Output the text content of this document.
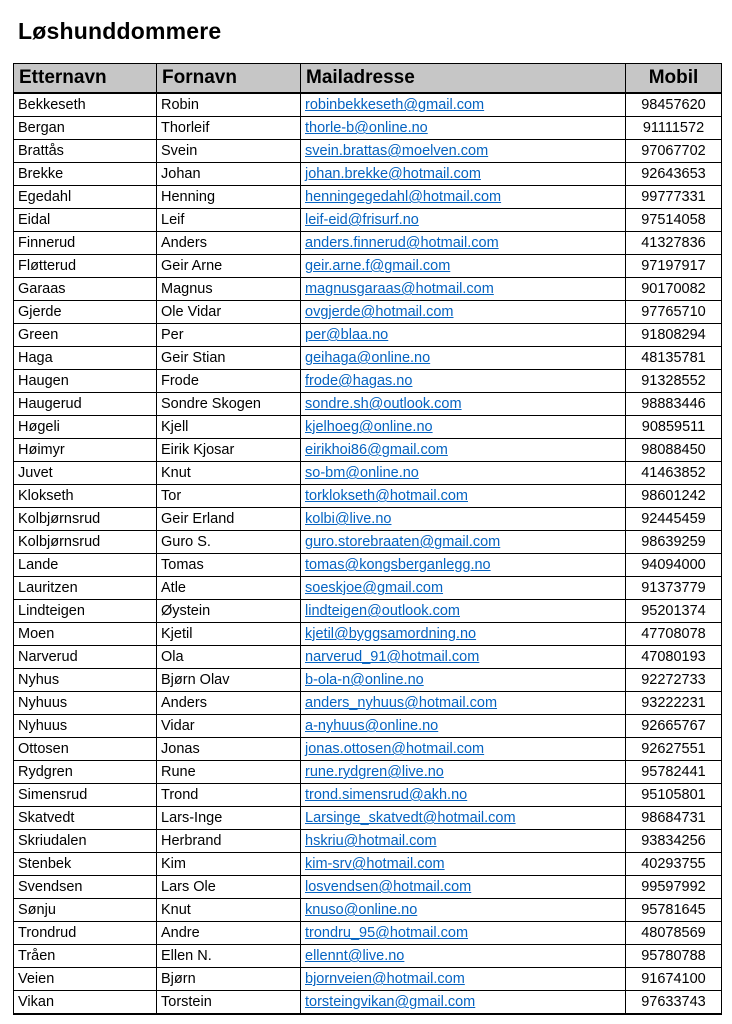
Løshunddommere
Etternavn	Fornavn	Mailadresse	Mobil
Bekkeseth	Robin	robinbekkeseth@gmail.com	98457620
Bergan	Thorleif	thorle-b@online.no	91111572
Brattås	Svein	svein.brattas@moelven.com	97067702
Brekke	Johan	johan.brekke@hotmail.com	92643653
Egedahl	Henning	henningegedahl@hotmail.com	99777331
Eidal	Leif	leif-eid@frisurf.no	97514058
Finnerud	Anders	anders.finnerud@hotmail.com	41327836
Fløtterud	Geir Arne	geir.arne.f@gmail.com	97197917
Garaas	Magnus	magnusgaraas@hotmail.com	90170082
Gjerde	Ole Vidar	ovgjerde@hotmail.com	97765710
Green	Per	per@blaa.no	91808294
Haga	Geir Stian	geihaga@online.no	48135781
Haugen	Frode	frode@hagas.no	91328552
Haugerud	Sondre Skogen	sondre.sh@outlook.com	98883446
Høgeli	Kjell	kjelhoeg@online.no	90859511
Høimyr	Eirik Kjosar	eirikhoi86@gmail.com	98088450
Juvet	Knut	so-bm@online.no	41463852
Klokseth	Tor	torklokseth@hotmail.com	98601242
Kolbjørnsrud	Geir Erland	kolbi@live.no	92445459
Kolbjørnsrud	Guro S.	guro.storebraaten@gmail.com	98639259
Lande	Tomas	tomas@kongsberganlegg.no	94094000
Lauritzen	Atle	soeskjoe@gmail.com	91373779
Lindteigen	Øystein	lindteigen@outlook.com	95201374
Moen	Kjetil	kjetil@byggsamordning.no	47708078
Narverud	Ola	narverud_91@hotmail.com	47080193
Nyhus	Bjørn Olav	b-ola-n@online.no	92272733
Nyhuus	Anders	anders_nyhuus@hotmail.com	93222231
Nyhuus	Vidar	a-nyhuus@online.no	92665767
Ottosen	Jonas	jonas.ottosen@hotmail.com	92627551
Rydgren	Rune	rune.rydgren@live.no	95782441
Simensrud	Trond	trond.simensrud@akh.no	95105801
Skatvedt	Lars-Inge	Larsinge_skatvedt@hotmail.com	98684731
Skriudalen	Herbrand	hskriu@hotmail.com	93834256
Stenbek	Kim	kim-srv@hotmail.com	40293755
Svendsen	Lars Ole	losvendsen@hotmail.com	99597992
Sønju	Knut	knuso@online.no	95781645
Trondrud	Andre	trondru_95@hotmail.com	48078569
Tråen	Ellen N.	ellennt@live.no	95780788
Veien	Bjørn	bjornveien@hotmail.com	91674100
Vikan	Torstein	torsteingvikan@gmail.com	97633743
